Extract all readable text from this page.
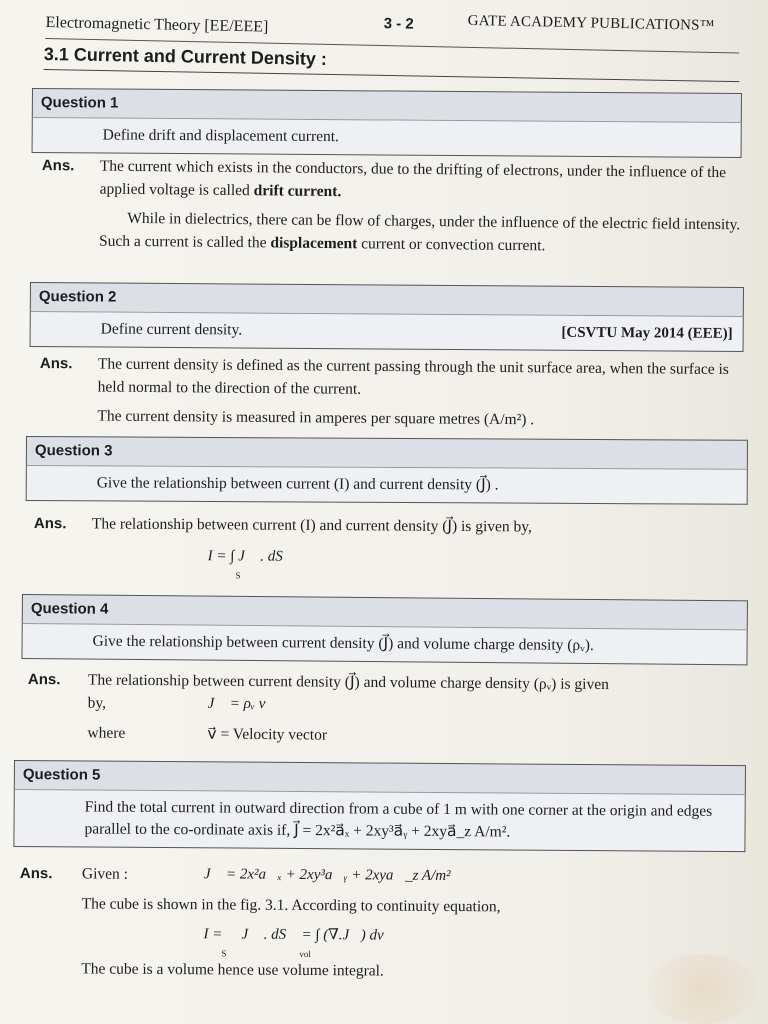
Electromagnetic Theory [EE/EEE]	3 - 2	GATE ACADEMY PUBLICATIONS™
3.1 Current and Current Density :
Question 1
Define drift and displacement current.
Ans. The current which exists in the conductors, due to the drifting of electrons, under the influence of the applied voltage is called drift current.

While in dielectrics, there can be flow of charges, under the influence of the electric field intensity. Such a current is called the displacement current or convection current.

Question 2
Define current density.	[CSVTU May 2014 (EEE)]
Ans. The current density is defined as the current passing through the unit surface area, when the surface is held normal to the direction of the current.

The current density is measured in amperes per square metres (A/m²) .

Question 3
Give the relationship between current (I) and current density (J⃗) .
Ans. The relationship between current (I) and current density (J⃗) is given by,

I = ∫ J⃗ . dS⃗
S
Question 4
Give the relationship between current density (J⃗) and volume charge density (ρᵥ).
Ans. The relationship between current density (J⃗) and volume charge density (ρᵥ) is given

by,	J⃗ = ρᵥ v⃗
where	v⃗ = Velocity vector
Question 5
Find the total current in outward direction from a cube of 1 m with one corner at the origin and edges parallel to the co-ordinate axis if, J⃗ = 2x²a⃗ₓ + 2xy³a⃗ᵧ + 2xya⃗_z A/m².
Ans. Given :	J⃗ = 2x²a⃗ₓ + 2xy³a⃗ᵧ + 2xya⃗_z A/m²

The cube is shown in the fig. 3.1. According to continuity equation,

I = ∮ J⃗ . dS⃗ = ∫ (∇.J⃗) dv
S	vol

The cube is a volume hence use volume integral.
